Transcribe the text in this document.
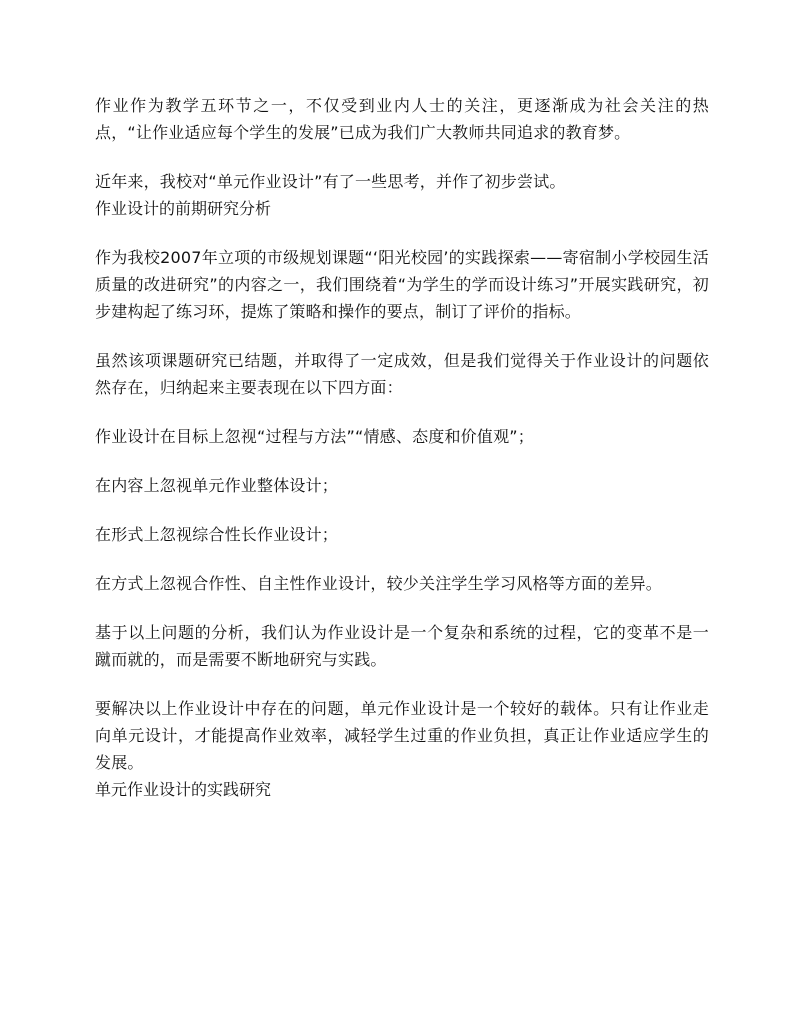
作业作为教学五环节之一，不仅受到业内人士的关注，更逐渐成为社会关注的热点，“让作业适应每个学生的发展”已成为我们广大教师共同追求的教育梦。

近年来，我校对“单元作业设计”有了一些思考，并作了初步尝试。

作业设计的前期研究分析

作为我校2007年立项的市级规划课题“‘阳光校园’的实践探索——寄宿制小学校园生活质量的改进研究”的内容之一，我们围绕着“为学生的学而设计练习”开展实践研究，初步建构起了练习环，提炼了策略和操作的要点，制订了评价的指标。

虽然该项课题研究已结题，并取得了一定成效，但是我们觉得关于作业设计的问题依然存在，归纳起来主要表现在以下四方面：

作业设计在目标上忽视“过程与方法”“情感、态度和价值观”；

在内容上忽视单元作业整体设计；

在形式上忽视综合性长作业设计；

在方式上忽视合作性、自主性作业设计，较少关注学生学习风格等方面的差异。

基于以上问题的分析，我们认为作业设计是一个复杂和系统的过程，它的变革不是一蹴而就的，而是需要不断地研究与实践。

要解决以上作业设计中存在的问题，单元作业设计是一个较好的载体。只有让作业走向单元设计，才能提高作业效率，减轻学生过重的作业负担，真正让作业适应学生的发展。

单元作业设计的实践研究
